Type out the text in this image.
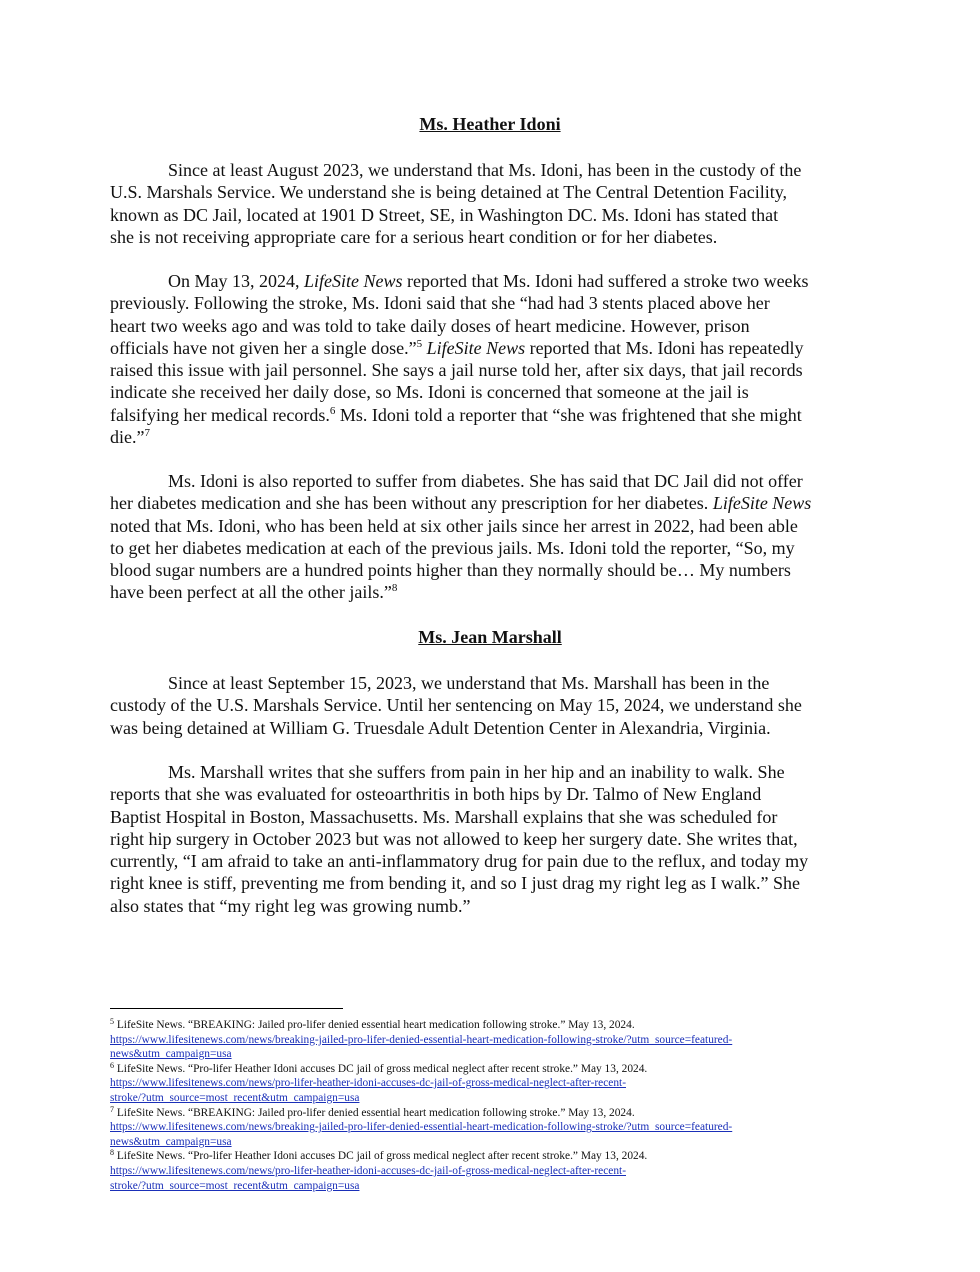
Ms. Heather Idoni

Since at least August 2023, we understand that Ms. Idoni, has been in the custody of the
U.S. Marshals Service. We understand she is being detained at The Central Detention Facility,
known as DC Jail, located at 1901 D Street, SE, in Washington DC. Ms. Idoni has stated that
she is not receiving appropriate care for a serious heart condition or for her diabetes.

On May 13, 2024, LifeSite News reported that Ms. Idoni had suffered a stroke two weeks
previously. Following the stroke, Ms. Idoni said that she “had had 3 stents placed above her
heart two weeks ago and was told to take daily doses of heart medicine. However, prison
officials have not given her a single dose.”$^5$ LifeSite News reported that Ms. Idoni has repeatedly
raised this issue with jail personnel. She says a jail nurse told her, after six days, that jail records
indicate she received her daily dose, so Ms. Idoni is concerned that someone at the jail is
falsifying her medical records.$^6$ Ms. Idoni told a reporter that “she was frightened that she might
die.”$^7$

Ms. Idoni is also reported to suffer from diabetes. She has said that DC Jail did not offer
her diabetes medication and she has been without any prescription for her diabetes. LifeSite News
noted that Ms. Idoni, who has been held at six other jails since her arrest in 2022, had been able
to get her diabetes medication at each of the previous jails. Ms. Idoni told the reporter, “So, my
blood sugar numbers are a hundred points higher than they normally should be… My numbers
have been perfect at all the other jails.”$^8$

Ms. Jean Marshall

Since at least September 15, 2023, we understand that Ms. Marshall has been in the
custody of the U.S. Marshals Service. Until her sentencing on May 15, 2024, we understand she
was being detained at William G. Truesdale Adult Detention Center in Alexandria, Virginia.

Ms. Marshall writes that she suffers from pain in her hip and an inability to walk. She
reports that she was evaluated for osteoarthritis in both hips by Dr. Talmo of New England
Baptist Hospital in Boston, Massachusetts. Ms. Marshall explains that she was scheduled for
right hip surgery in October 2023 but was not allowed to keep her surgery date. She writes that,
currently, “I am afraid to take an anti-inflammatory drug for pain due to the reflux, and today my
right knee is stiff, preventing me from bending it, and so I just drag my right leg as I walk.” She
also states that “my right leg was growing numb.”

$^5$ LifeSite News. “BREAKING: Jailed pro-lifer denied essential heart medication following stroke.” May 13, 2024.
https://www.lifesitenews.com/news/breaking-jailed-pro-lifer-denied-essential-heart-medication-following-stroke/?utm_source=featured-
news&utm_campaign=usa
$^6$ LifeSite News. “Pro-lifer Heather Idoni accuses DC jail of gross medical neglect after recent stroke.” May 13, 2024.
https://www.lifesitenews.com/news/pro-lifer-heather-idoni-accuses-dc-jail-of-gross-medical-neglect-after-recent-
stroke/?utm_source=most_recent&utm_campaign=usa
$^7$ LifeSite News. “BREAKING: Jailed pro-lifer denied essential heart medication following stroke.” May 13, 2024.
https://www.lifesitenews.com/news/breaking-jailed-pro-lifer-denied-essential-heart-medication-following-stroke/?utm_source=featured-
news&utm_campaign=usa
$^8$ LifeSite News. “Pro-lifer Heather Idoni accuses DC jail of gross medical neglect after recent stroke.” May 13, 2024.
https://www.lifesitenews.com/news/pro-lifer-heather-idoni-accuses-dc-jail-of-gross-medical-neglect-after-recent-
stroke/?utm_source=most_recent&utm_campaign=usa
